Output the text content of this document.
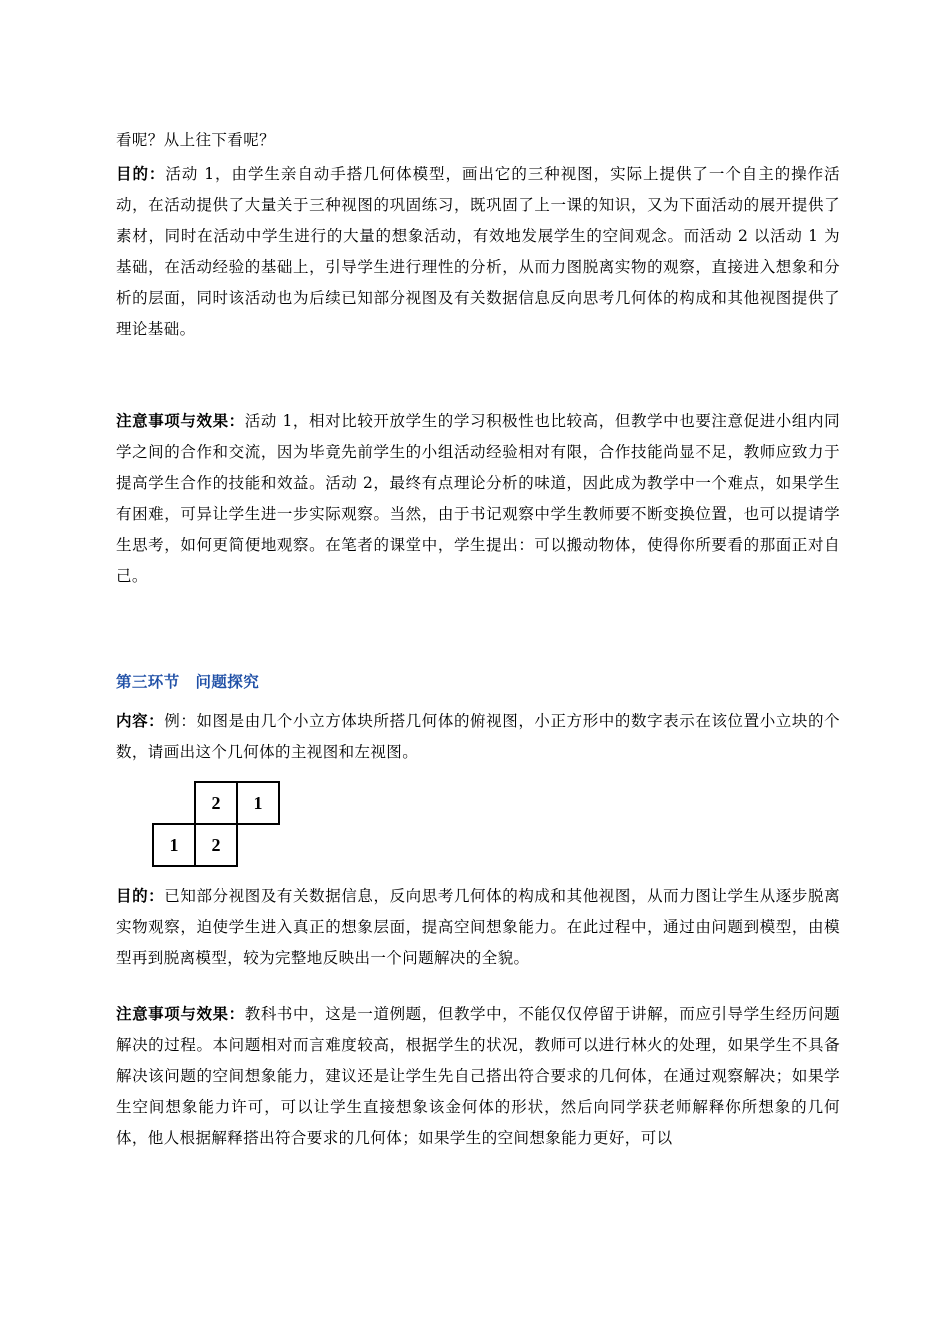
看呢？从上往下看呢？
目的：活动 1，由学生亲自动手搭几何体模型，画出它的三种视图，实际上提供了一个自主的操作活动，在活动提供了大量关于三种视图的巩固练习，既巩固了上一课的知识，又为下面活动的展开提供了素材，同时在活动中学生进行的大量的想象活动，有效地发展学生的空间观念。而活动 2 以活动 1 为基础，在活动经验的基础上，引导学生进行理性的分析，从而力图脱离实物的观察，直接进入想象和分析的层面，同时该活动也为后续已知部分视图及有关数据信息反向思考几何体的构成和其他视图提供了理论基础。
注意事项与效果：活动 1，相对比较开放学生的学习积极性也比较高，但教学中也要注意促进小组内同学之间的合作和交流，因为毕竟先前学生的小组活动经验相对有限，合作技能尚显不足，教师应致力于提高学生合作的技能和效益。活动 2，最终有点理论分析的味道，因此成为教学中一个难点，如果学生有困难，可异让学生进一步实际观察。当然，由于书记观察中学生教师要不断变换位置，也可以提请学生思考，如何更简便地观察。在笔者的课堂中，学生提出：可以搬动物体，使得你所要看的那面正对自己。
第三环节　问题探究
内容：例：如图是由几个小立方体块所搭几何体的俯视图，小正方形中的数字表示在该位置小立块的个数，请画出这个几何体的主视图和左视图。
2	1
1	2
目的：已知部分视图及有关数据信息，反向思考几何体的构成和其他视图，从而力图让学生从逐步脱离实物观察，迫使学生进入真正的想象层面，提高空间想象能力。在此过程中，通过由问题到模型，由模型再到脱离模型，较为完整地反映出一个问题解决的全貌。
注意事项与效果：教科书中，这是一道例题，但教学中，不能仅仅停留于讲解，而应引导学生经历问题解决的过程。本问题相对而言难度较高，根据学生的状况，教师可以进行林火的处理，如果学生不具备解决该问题的空间想象能力，建议还是让学生先自己搭出符合要求的几何体，在通过观察解决；如果学生空间想象能力许可，可以让学生直接想象该金何体的形状，然后向同学获老师解释你所想象的几何体，他人根据解释搭出符合要求的几何体；如果学生的空间想象能力更好，可以
